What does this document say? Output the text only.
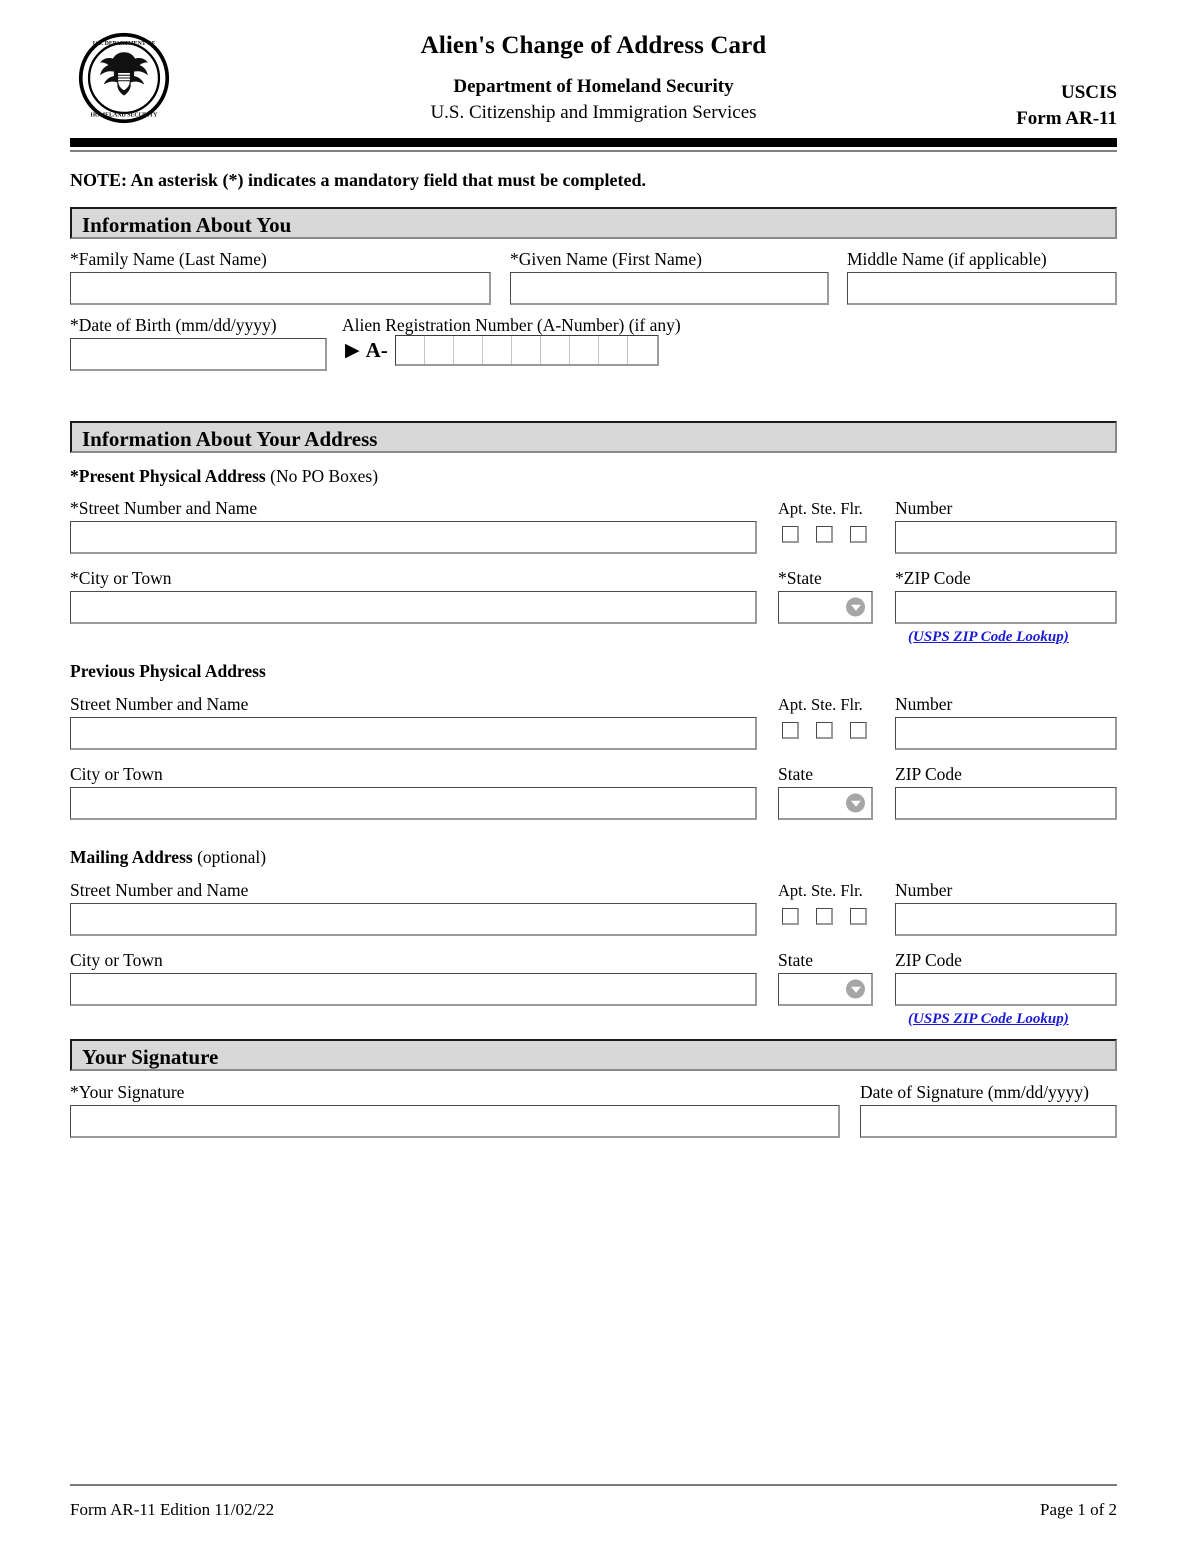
U.S. DEPARTMENT OF
HOMELAND SECURITY
Alien's Change of Address Card
Department of Homeland Security
U.S. Citizenship and Immigration Services
USCIS
Form AR-11
NOTE: An asterisk (*) indicates a mandatory field that must be completed.
Information About You
*Family Name (Last Name)	*Given Name (First Name)	Middle Name (if applicable)
*Date of Birth (mm/dd/yyyy)	Alien Registration Number (A-Number) (if any)
▶ A-
Information About Your Address
*Present Physical Address (No PO Boxes)
*Street Number and Name	Apt. Ste. Flr. Number
*City or Town	*State	*ZIP Code
(USPS ZIP Code Lookup)
Previous Physical Address
Street Number and Name	Apt. Ste. Flr. Number
City or Town	State	ZIP Code
Mailing Address (optional)
Street Number and Name	Apt. Ste. Flr. Number
City or Town	State	ZIP Code
(USPS ZIP Code Lookup)
Your Signature
*Your Signature	Date of Signature (mm/dd/yyyy)
Form AR-11 Edition 11/02/22	Page 1 of 2
